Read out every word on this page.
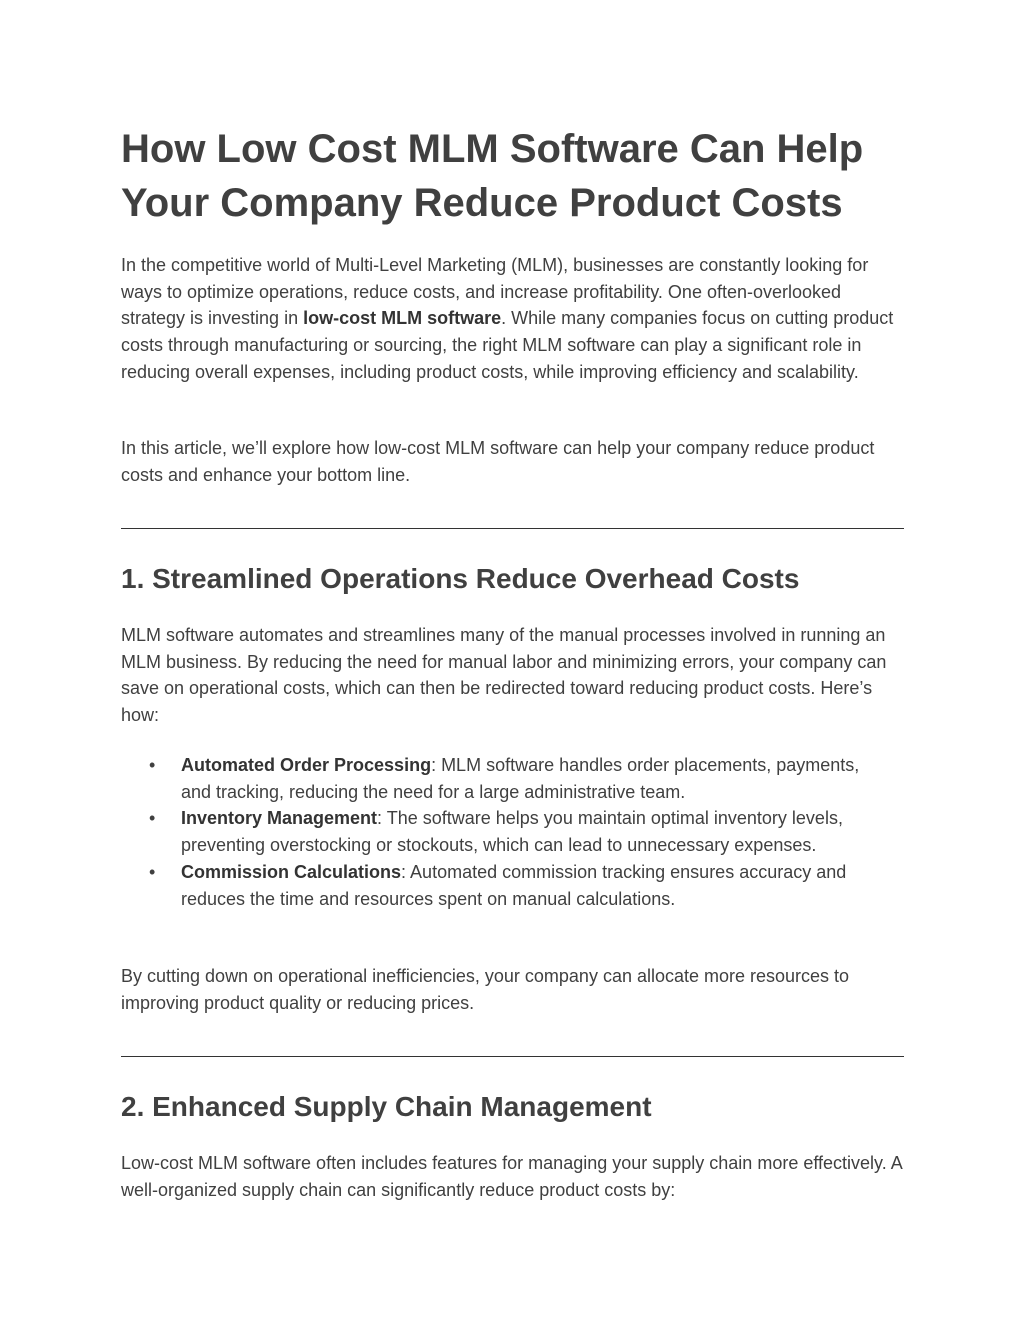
How Low Cost MLM Software Can Help Your Company Reduce Product Costs

In the competitive world of Multi-Level Marketing (MLM), businesses are constantly looking for ways to optimize operations, reduce costs, and increase profitability. One often-overlooked strategy is investing in low-cost MLM software. While many companies focus on cutting product costs through manufacturing or sourcing, the right MLM software can play a significant role in reducing overall expenses, including product costs, while improving efficiency and scalability.

In this article, we’ll explore how low-cost MLM software can help your company reduce product costs and enhance your bottom line.

1. Streamlined Operations Reduce Overhead Costs

MLM software automates and streamlines many of the manual processes involved in running an MLM business. By reducing the need for manual labor and minimizing errors, your company can save on operational costs, which can then be redirected toward reducing product costs. Here’s how:

• Automated Order Processing: MLM software handles order placements, payments, and tracking, reducing the need for a large administrative team.
• Inventory Management: The software helps you maintain optimal inventory levels, preventing overstocking or stockouts, which can lead to unnecessary expenses.
• Commission Calculations: Automated commission tracking ensures accuracy and reduces the time and resources spent on manual calculations.

By cutting down on operational inefficiencies, your company can allocate more resources to improving product quality or reducing prices.

2. Enhanced Supply Chain Management

Low-cost MLM software often includes features for managing your supply chain more effectively. A well-organized supply chain can significantly reduce product costs by:
